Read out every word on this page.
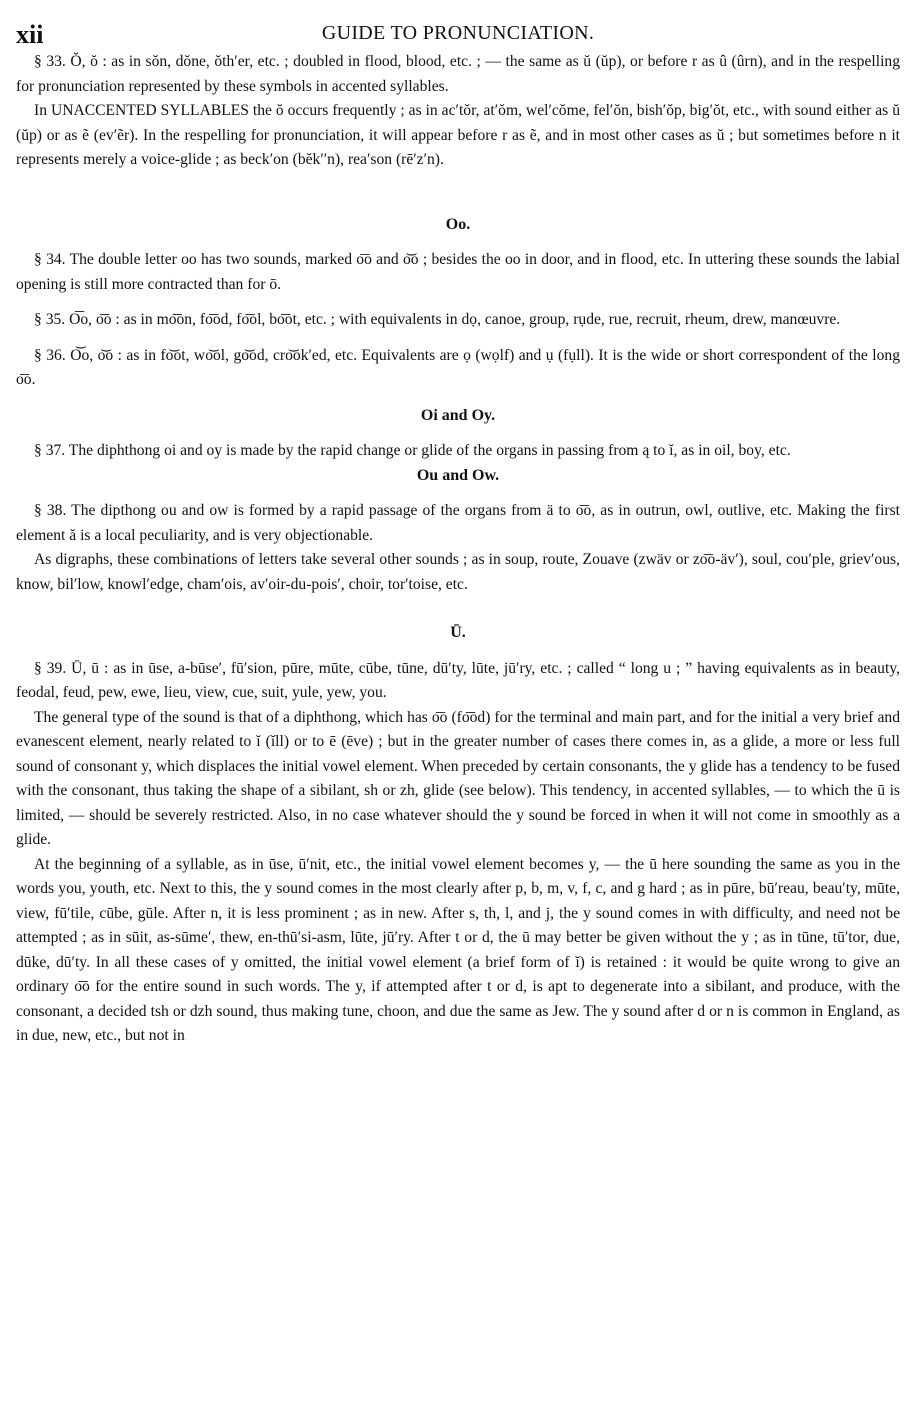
xii	GUIDE TO PRONUNCIATION.

§ 33. Ŏ, ŏ : as in sŏn, dŏne, ŏth′er, etc. ; doubled in flood, blood, etc. ; — the same as ŭ (ŭp), or before r as û (ûrn), and in the respelling for pronunciation represented by these symbols in accented syllables.

In UNACCENTED SYLLABLES the ŏ occurs frequently ; as in ac′tŏr, at′ŏm, wel′cŏme, fel′ŏn, bish′ŏp, big′ŏt, etc., with sound either as ŭ (ŭp) or as ẽ (ev′ẽr). In the respelling for pronunciation, it will appear before r as ẽ, and in most other cases as ŭ ; but sometimes before n it represents merely a voice-glide ; as beck′on (bĕk′′n), rea′son (rē′z′n).

Oo.

§ 34. The double letter oo has two sounds, marked o͞o and o͝o ; besides the oo in door, and in flood, etc. In uttering these sounds the labial opening is still more contracted than for ō.

§ 35. O͞o, o͞o : as in mo͞on, fo͞od, fo͞ol, bo͞ot, etc. ; with equivalents in dọ, canoe, group, rụde, rue, recruit, rheum, drew, manœuvre.

§ 36. O͝o, o͝o : as in fo͝ot, wo͝ol, go͝od, cro͝ok′ed, etc. Equivalents are ọ (wọlf) and ụ (fụll). It is the wide or short correspondent of the long o͞o.

Oi and Oy.

§ 37. The diphthong oi and oy is made by the rapid change or glide of the organs in passing from ą to ĭ, as in oil, boy, etc.

Ou and Ow.

§ 38. The dipthong ou and ow is formed by a rapid passage of the organs from ä to o͞o, as in outrun, owl, outlive, etc. Making the first element ă is a local peculiarity, and is very objectionable.

As digraphs, these combinations of letters take several other sounds ; as in soup, route, Zouave (zwäv or zo͞o-äv′), soul, cou′ple, griev′ous, know, bil′low, knowl′edge, cham′ois, av′oir-du-pois′, choir, tor′toise, etc.

Ū.

§ 39. Ū, ū : as in ūse, a-būse′, fū′sion, pūre, mūte, cūbe, tūne, dū′ty, lūte, jū′ry, etc. ; called “ long u ; ” having equivalents as in beauty, feodal, feud, pew, ewe, lieu, view, cue, suit, yule, yew, you.

The general type of the sound is that of a diphthong, which has o͞o (fo͞od) for the terminal and main part, and for the initial a very brief and evanescent element, nearly related to ĭ (ĭll) or to ē (ēve) ; but in the greater number of cases there comes in, as a glide, a more or less full sound of consonant y, which displaces the initial vowel element. When preceded by certain consonants, the y glide has a tendency to be fused with the consonant, thus taking the shape of a sibilant, sh or zh, glide (see below). This tendency, in accented syllables, — to which the ū is limited, — should be severely restricted. Also, in no case whatever should the y sound be forced in when it will not come in smoothly as a glide.

At the beginning of a syllable, as in ūse, ū′nit, etc., the initial vowel element becomes y, — the ū here sounding the same as you in the words you, youth, etc. Next to this, the y sound comes in the most clearly after p, b, m, v, f, c, and g hard ; as in pūre, bū′reau, beau′ty, mūte, view, fū′tile, cūbe, gūle. After n, it is less prominent ; as in new. After s, th, l, and j, the y sound comes in with difficulty, and need not be attempted ; as in sūit, as-sūme′, thew, en-thū′si-asm, lūte, jū′ry. After t or d, the ū may better be given without the y ; as in tūne, tū′tor, due, dūke, dū′ty. In all these cases of y omitted, the initial vowel element (a brief form of ĭ) is retained : it would be quite wrong to give an ordinary o͞o for the entire sound in such words. The y, if attempted after t or d, is apt to degenerate into a sibilant, and produce, with the consonant, a decided tsh or dzh sound, thus making tune, choon, and due the same as Jew. The y sound after d or n is common in England, as in due, new, etc., but not in
